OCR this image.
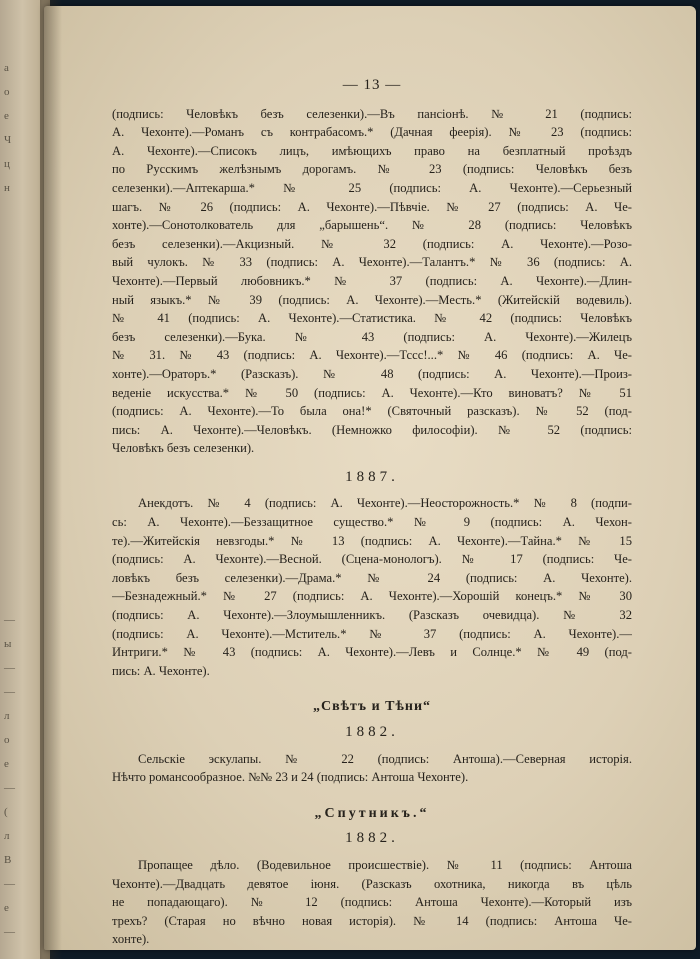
а
о
е
Ч
ц
н
—
ы
—
—
л
о
е
—
(
л
В
—
е
—
— 13 —
(подпись: Человѣкъ безъ селезенки).—Въ пансіонѣ. № 21 (подпись:
А. Чехонте).—Романъ съ контрабасомъ.* (Дачная феерія). № 23 (подпись:
А. Чехонте).—Списокъ лицъ, имѣющихъ право на безплатный проѣздъ
по Русскимъ желѣзнымъ дорогамъ. № 23 (подпись: Человѣкъ безъ
селезенки).—Аптекарша.* № 25 (подпись: А. Чехонте).—Серьезный
шагъ. № 26 (подпись: А. Чехонте).—Пѣвчіе. № 27 (подпись: А. Че-
хонте).—Сонотолкователь для „барышень“. № 28 (подпись: Человѣкъ
безъ селезенки).—Акцизный. № 32 (подпись: А. Чехонте).—Розо-
вый чулокъ. № 33 (подпись: А. Чехонте).—Талантъ.* № 36 (подпись: А.
Чехонте).—Первый любовникъ.* № 37 (подпись: А. Чехонте).—Длин-
ный языкъ.* № 39 (подпись: А. Чехонте).—Месть.* (Житейскій водевиль).
№ 41 (подпись: А. Чехонте).—Статистика. № 42 (подпись: Человѣкъ
безъ селезенки).—Бука. № 43 (подпись: А. Чехонте).—Жилецъ
№ 31. № 43 (подпись: А. Чехонте).—Тссс!...* № 46 (подпись: А. Че-
хонте).—Ораторъ.* (Разсказъ). № 48 (подпись: А. Чехонте).—Произ-
веденіе искусства.* № 50 (подпись: А. Чехонте).—Кто виноватъ? № 51
(подпись: А. Чехонте).—То была она!* (Святочный разсказъ). № 52 (под-
пись: А. Чехонте).—Человѣкъ. (Немножко философіи). № 52 (подпись:
Человѣкъ безъ селезенки).
1887.
Анекдотъ. № 4 (подпись: А. Чехонте).—Неосторожность.* № 8 (подпи-
сь: А. Чехонте).—Беззащитное существо.* № 9 (подпись: А. Чехон-
те).—Житейскія невзгоды.* № 13 (подпись: А. Чехонте).—Тайна.* № 15
(подпись: А. Чехонте).—Весной. (Сцена-монологъ). № 17 (подпись: Че-
ловѣкъ безъ селезенки).—Драма.* № 24 (подпись: А. Чехонте).
—Безнадежный.* № 27 (подпись: А. Чехонте).—Хорошій конецъ.* № 30
(подпись: А. Чехонте).—Злоумышленникъ. (Разсказъ очевидца). № 32
(подпись: А. Чехонте).—Мститель.* № 37 (подпись: А. Чехонте).—
Интриги.* № 43 (подпись: А. Чехонте).—Левъ и Солнце.* № 49 (под-
пись: А. Чехонте).
„Свѣтъ и Тѣни“
1882.
Сельскіе эскулапы. № 22 (подпись: Антоша).—Северная исторія.
Нѣчто романсообразное. №№ 23 и 24 (подпись: Антоша Чехонте).
„Спутникъ.“
1882.
Пропащее дѣло. (Водевильное происшествіе). № 11 (подпись: Антоша
Чехонте).—Двадцать девятое іюня. (Разсказъ охотника, никогда въ цѣль
не попадающаго). № 12 (подпись: Антоша Чехонте).—Который изъ
трехъ? (Старая но вѣчно новая исторія). № 14 (подпись: Антоша Че-
хонте).
